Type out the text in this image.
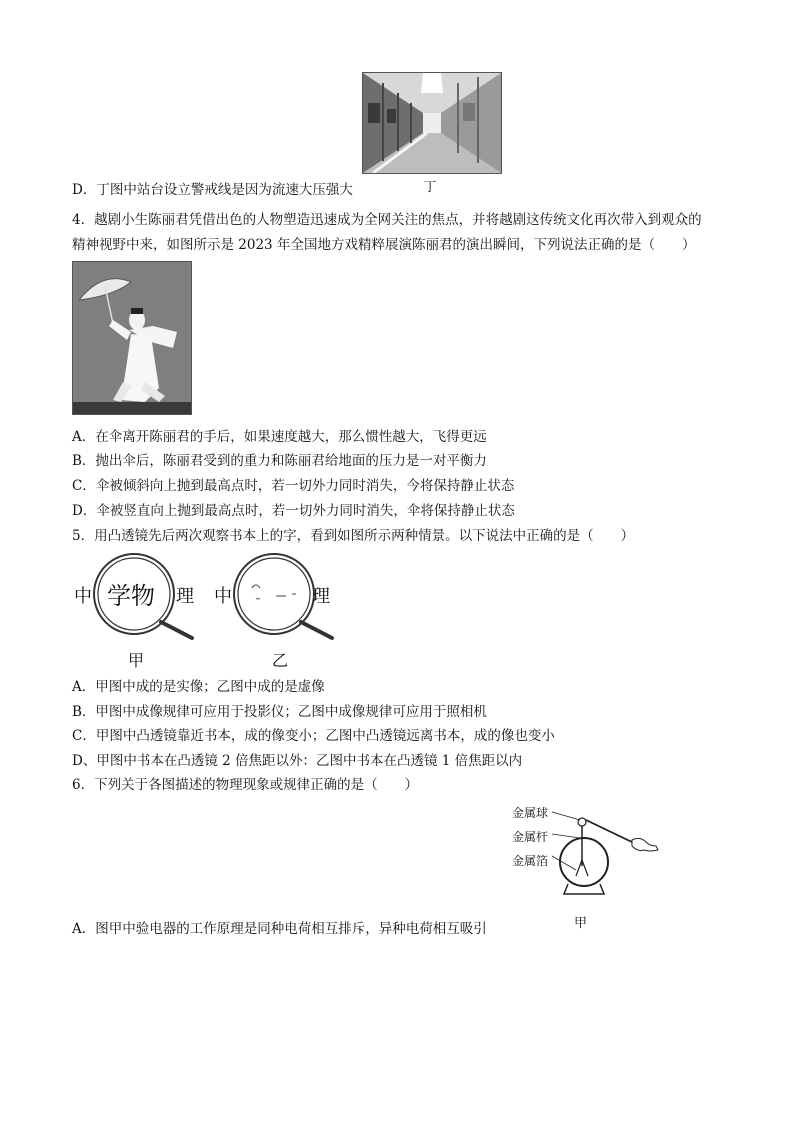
丁
D．丁图中站台设立警戒线是因为流速大压强大
4．越剧小生陈丽君凭借出色的人物塑造迅速成为全网关注的焦点，并将越剧这传统文化再次带入到观众的
精神视野中来，如图所示是 2023 年全国地方戏精粹展演陈丽君的演出瞬间，下列说法正确的是（　　）
A．在伞离开陈丽君的手后，如果速度越大，那么惯性越大，飞得更远
B．抛出伞后，陈丽君受到的重力和陈丽君给地面的压力是一对平衡力
C．伞被倾斜向上抛到最高点时，若一切外力同时消失，今将保持静止状态
D．伞被竖直向上抛到最高点时，若一切外力同时消失，伞将保持静止状态
5．用凸透镜先后两次观察书本上的字，看到如图所示两种情景。以下说法中正确的是（　　）
中 学物 理
甲
中	理
乙
A．甲图中成的是实像；乙图中成的是虚像
B．甲图中成像规律可应用于投影仪；乙图中成像规律可应用于照相机
C．甲图中凸透镜靠近书本，成的像变小；乙图中凸透镜远离书本，成的像也变小
D、甲图中书本在凸透镜 2 倍焦距以外：乙图中书本在凸透镜 1 倍焦距以内
6．下列关于各图描述的物理现象或规律正确的是（　　）
金属球
金属杆
金属箔
甲
A．图甲中验电器的工作原理是同种电荷相互排斥，异种电荷相互吸引
